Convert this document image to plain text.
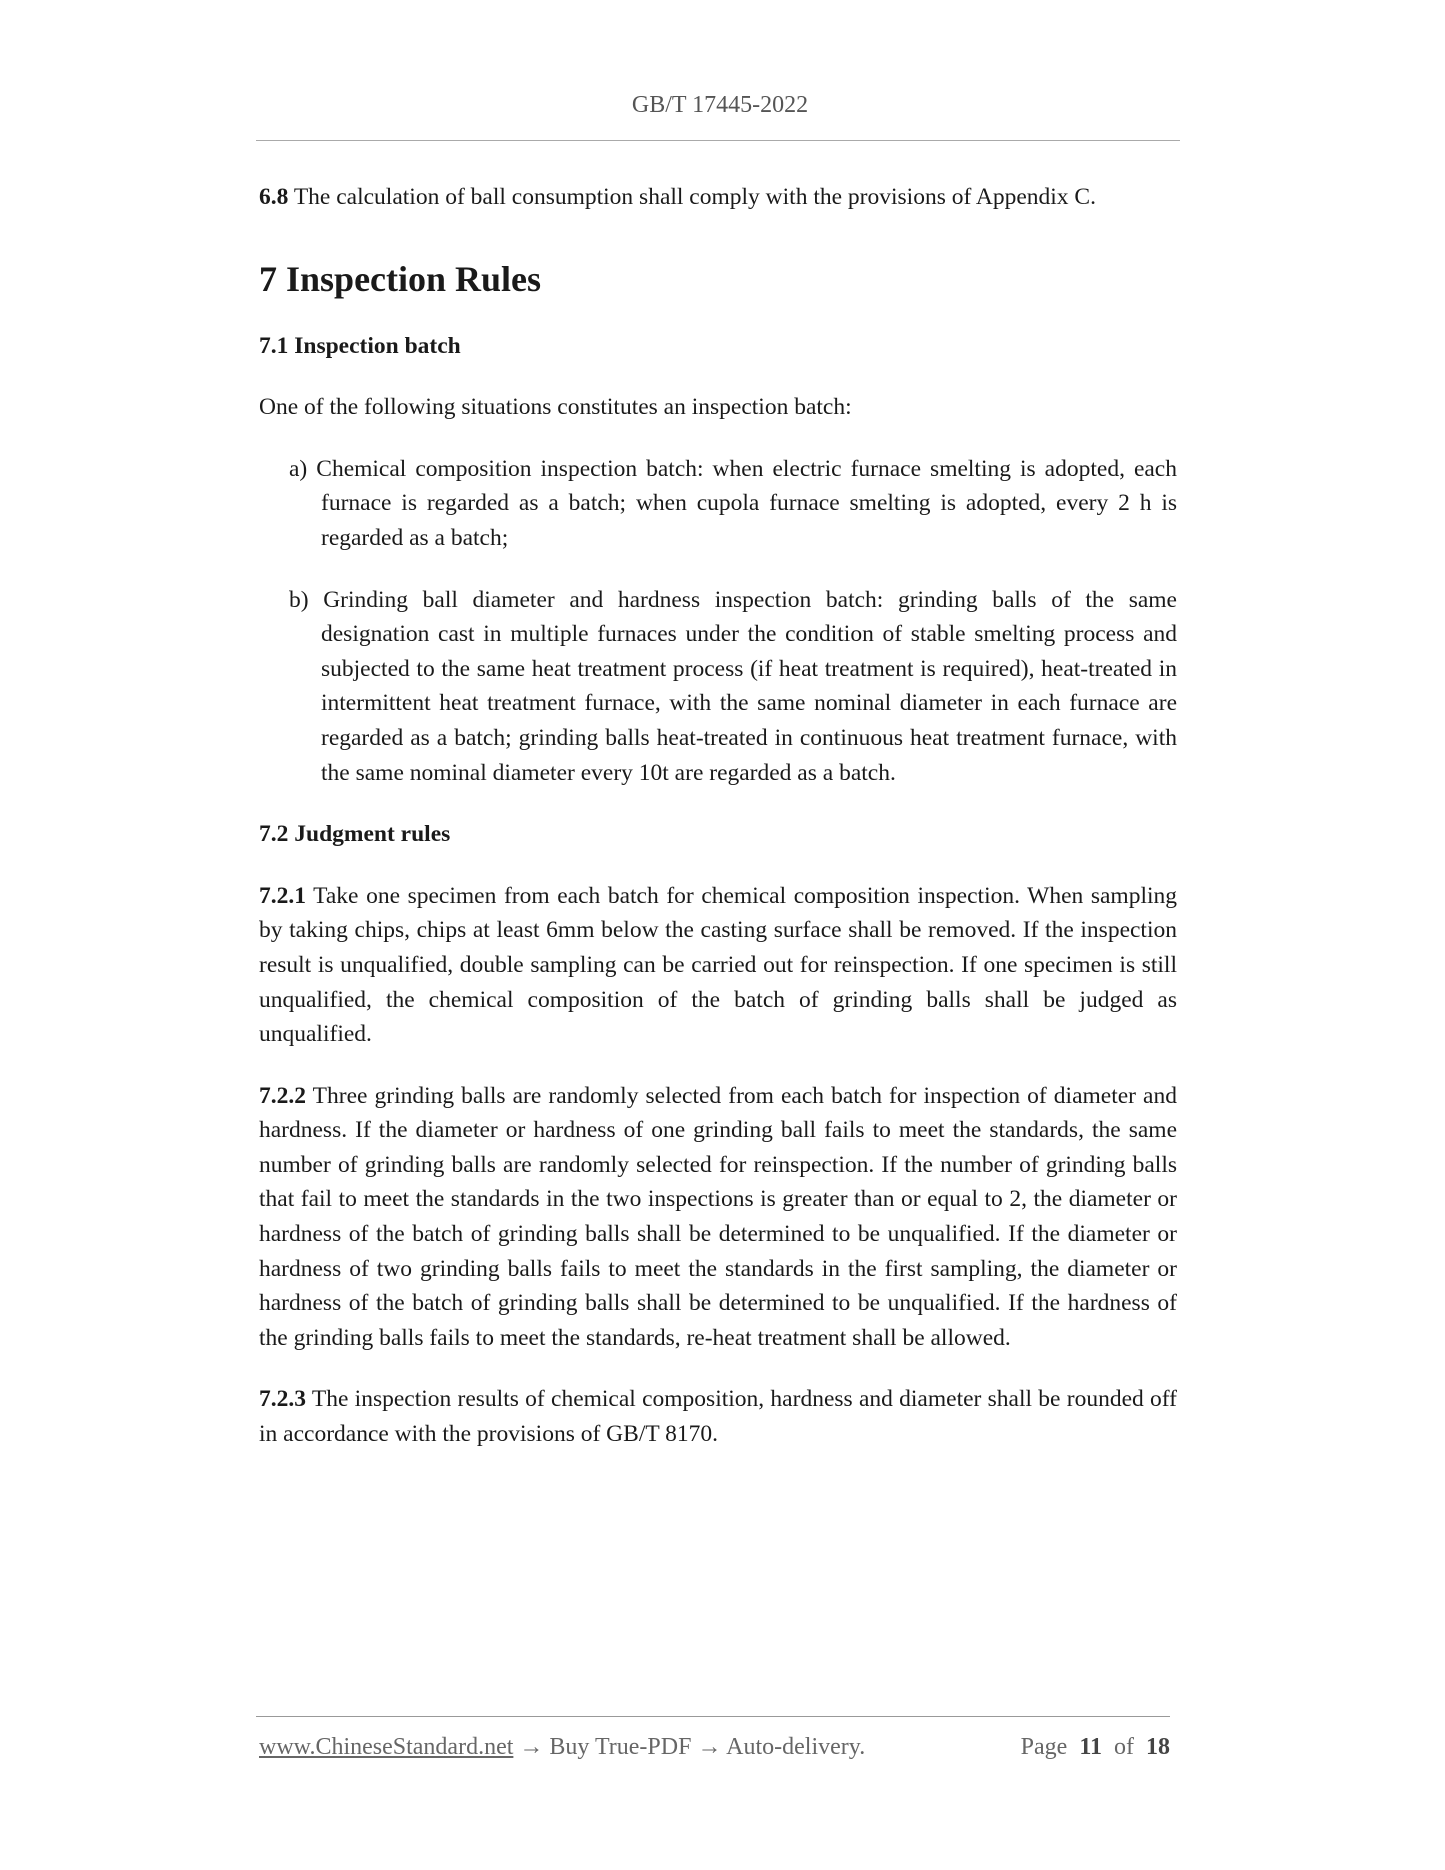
GB/T 17445-2022

6.8 The calculation of ball consumption shall comply with the provisions of Appendix C.

7 Inspection Rules
7.1 Inspection batch

One of the following situations constitutes an inspection batch:

a) Chemical composition inspection batch: when electric furnace smelting is adopted, each furnace is regarded as a batch; when cupola furnace smelting is adopted, every 2 h is regarded as a batch;

b) Grinding ball diameter and hardness inspection batch: grinding balls of the same designation cast in multiple furnaces under the condition of stable smelting process and subjected to the same heat treatment process (if heat treatment is required), heat-treated in intermittent heat treatment furnace, with the same nominal diameter in each furnace are regarded as a batch; grinding balls heat-treated in continuous heat treatment furnace, with the same nominal diameter every 10t are regarded as a batch.

7.2 Judgment rules

7.2.1 Take one specimen from each batch for chemical composition inspection. When sampling by taking chips, chips at least 6mm below the casting surface shall be removed. If the inspection result is unqualified, double sampling can be carried out for reinspection. If one specimen is still unqualified, the chemical composition of the batch of grinding balls shall be judged as unqualified.

7.2.2 Three grinding balls are randomly selected from each batch for inspection of diameter and hardness. If the diameter or hardness of one grinding ball fails to meet the standards, the same number of grinding balls are randomly selected for reinspection. If the number of grinding balls that fail to meet the standards in the two inspections is greater than or equal to 2, the diameter or hardness of the batch of grinding balls shall be determined to be unqualified. If the diameter or hardness of two grinding balls fails to meet the standards in the first sampling, the diameter or hardness of the batch of grinding balls shall be determined to be unqualified. If the hardness of the grinding balls fails to meet the standards, re-heat treatment shall be allowed.

7.2.3 The inspection results of chemical composition, hardness and diameter shall be rounded off in accordance with the provisions of GB/T 8170.

www.ChineseStandard.net → Buy True-PDF → Auto-delivery.	Page 11 of 18
